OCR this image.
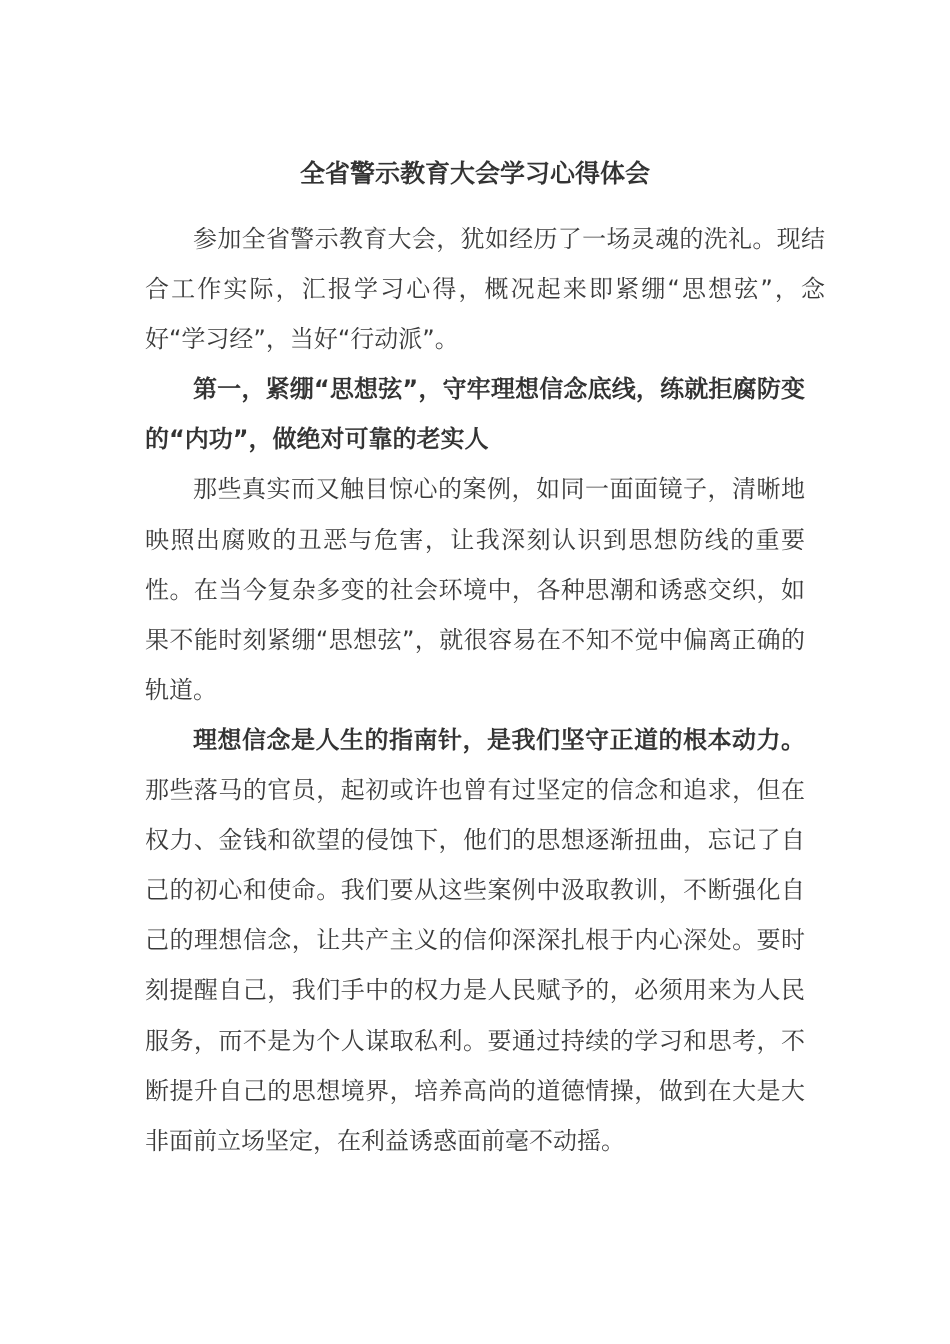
全省警示教育大会学习心得体会

参加全省警示教育大会，犹如经历了一场灵魂的洗礼。现结合工作实际，汇报学习心得，概况起来即紧绷“思想弦”，念好“学习经”，当好“行动派”。

第一，紧绷“思想弦”，守牢理想信念底线，练就拒腐防变的“内功”，做绝对可靠的老实人

那些真实而又触目惊心的案例，如同一面面镜子，清晰地映照出腐败的丑恶与危害，让我深刻认识到思想防线的重要性。在当今复杂多变的社会环境中，各种思潮和诱惑交织，如果不能时刻紧绷“思想弦”，就很容易在不知不觉中偏离正确的轨道。

理想信念是人生的指南针，是我们坚守正道的根本动力。那些落马的官员，起初或许也曾有过坚定的信念和追求，但在权力、金钱和欲望的侵蚀下，他们的思想逐渐扭曲，忘记了自己的初心和使命。我们要从这些案例中汲取教训，不断强化自己的理想信念，让共产主义的信仰深深扎根于内心深处。要时刻提醒自己，我们手中的权力是人民赋予的，必须用来为人民服务，而不是为个人谋取私利。要通过持续的学习和思考，不断提升自己的思想境界，培养高尚的道德情操，做到在大是大非面前立场坚定，在利益诱惑面前毫不动摇。
